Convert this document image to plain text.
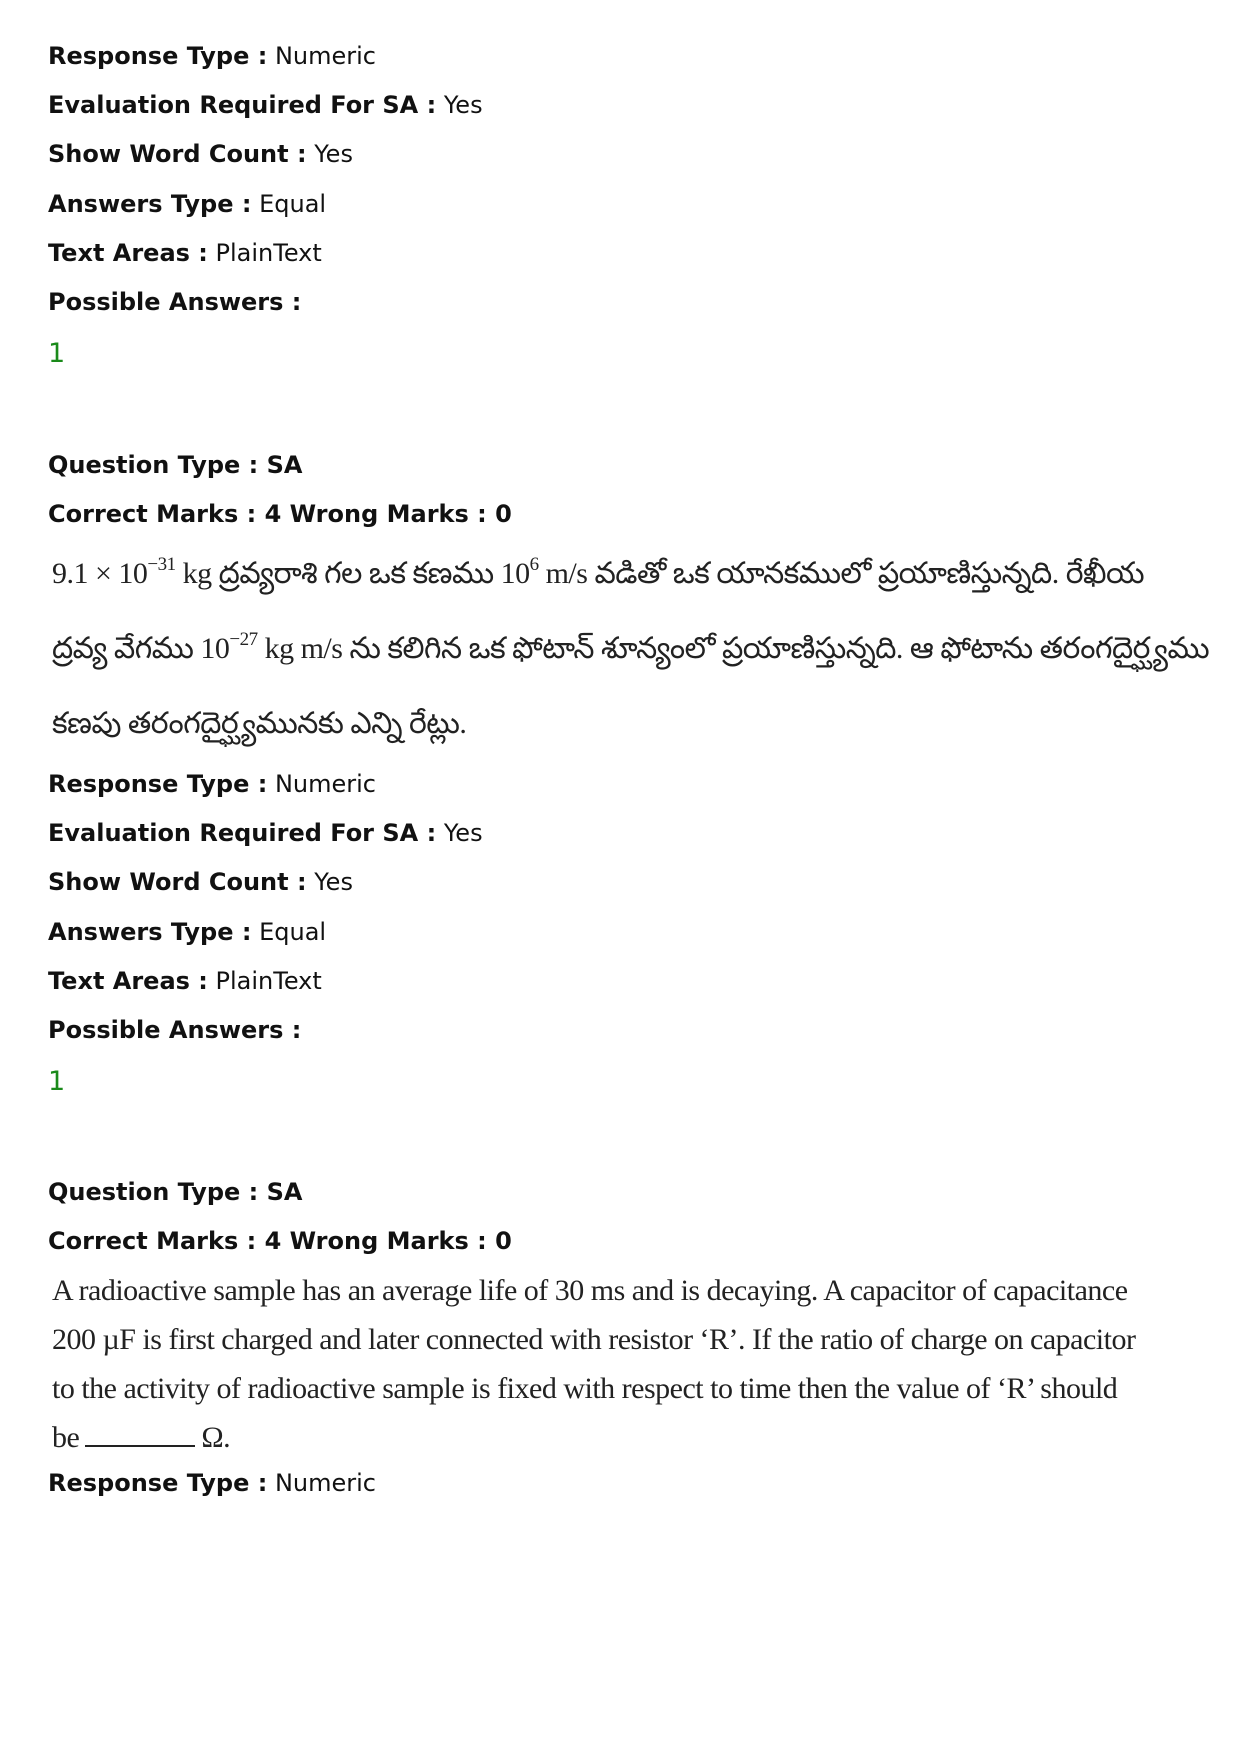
Response Type : Numeric

Evaluation Required For SA : Yes

Show Word Count : Yes

Answers Type : Equal

Text Areas : PlainText

Possible Answers :

1

Question Type : SA

Correct Marks : 4 Wrong Marks : 0

$9.1 \times 10^{-31}$ kg ద్రవ్యరాశి గల ఒక కణము $10^6$ m/s వడితో ఒక యానకములో ప్రయాణిస్తున్నది. రేఖీయ

ద్రవ్య వేగము $10^{-27}$ kg m/s ను కలిగిన ఒక ఫోటాన్ శూన్యంలో ప్రయాణిస్తున్నది. ఆ ఫోటాను తరంగదైర్ఘ్యము

కణపు తరంగదైర్ఘ్యమునకు ఎన్ని రేట్లు.

Response Type : Numeric

Evaluation Required For SA : Yes

Show Word Count : Yes

Answers Type : Equal

Text Areas : PlainText

Possible Answers :

1

Question Type : SA

Correct Marks : 4 Wrong Marks : 0

A radioactive sample has an average life of 30 ms and is decaying. A capacitor of capacitance

200 µF is first charged and later connected with resistor ‘R’. If the ratio of charge on capacitor

to the activity of radioactive sample is fixed with respect to time then the value of ‘R’ should

be	Ω.

Response Type : Numeric
